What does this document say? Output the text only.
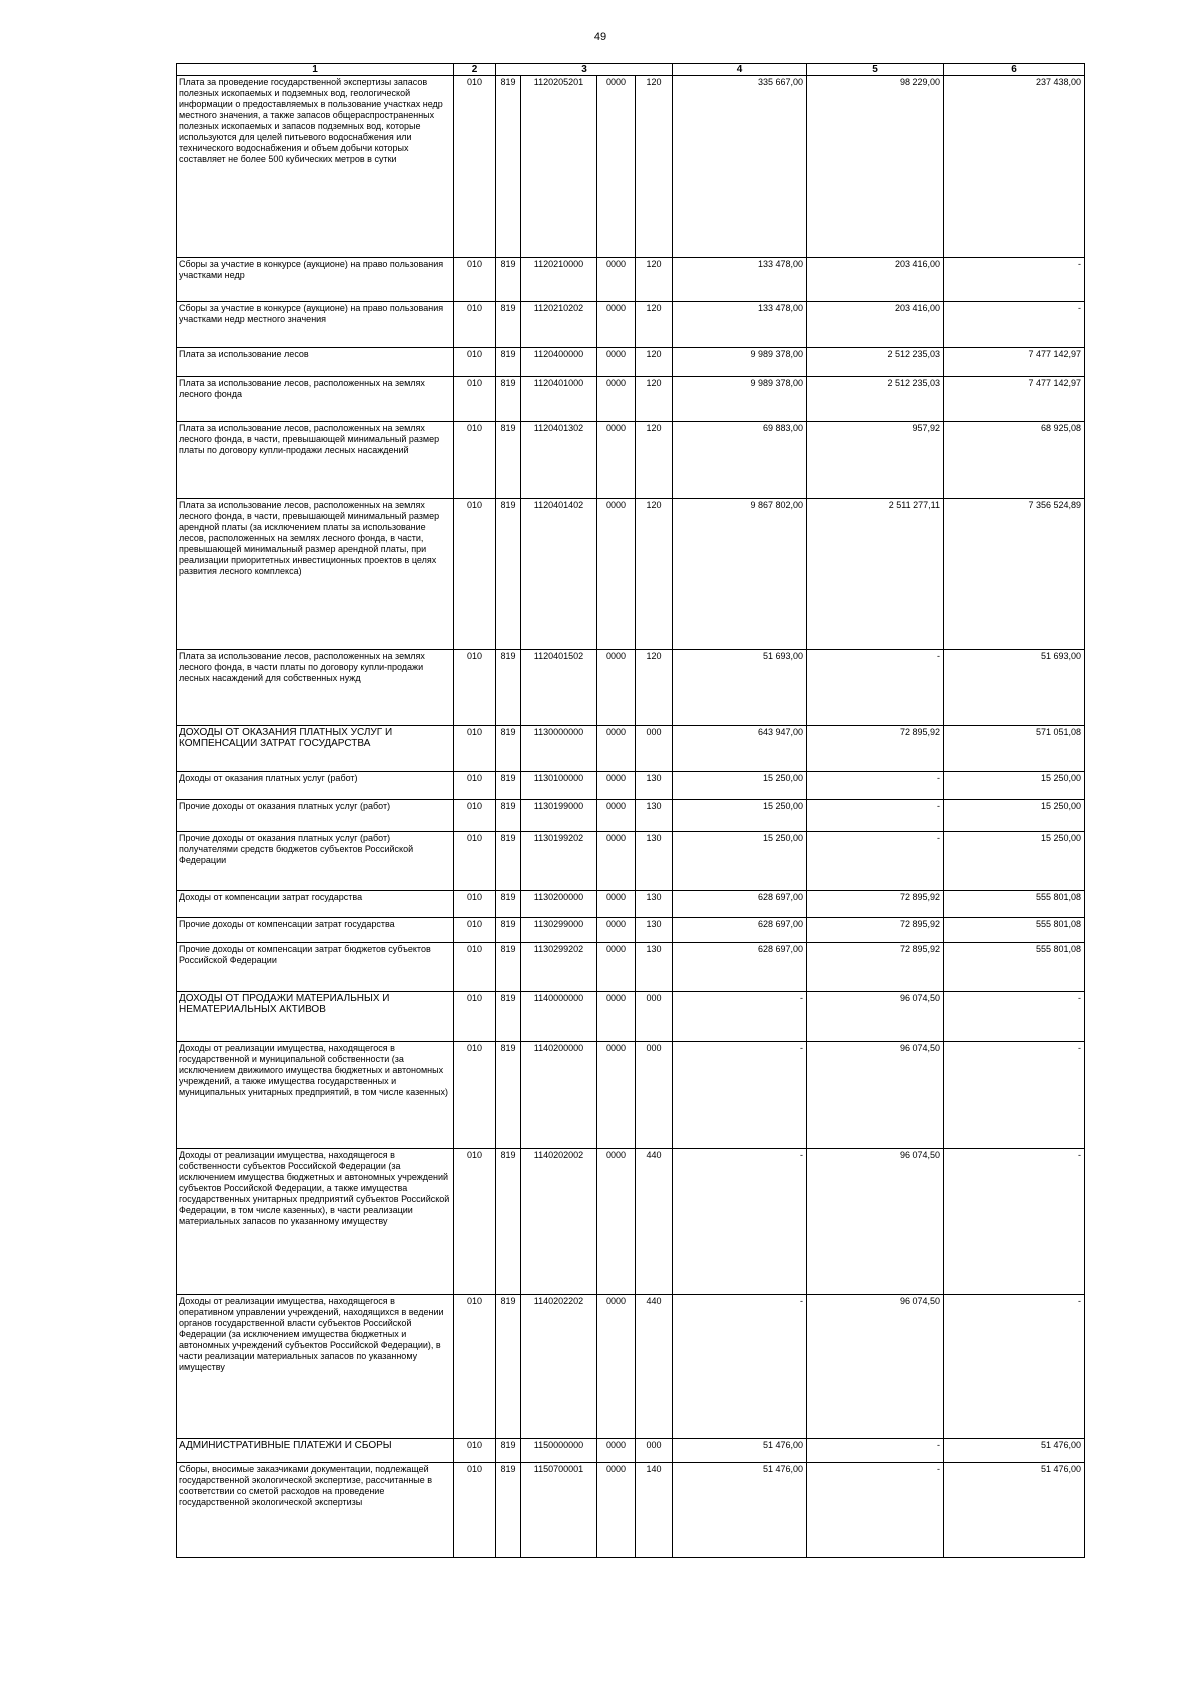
49
1	2	3				4	5	6
Плата за проведение государственной экспертизы запасов полезных ископаемых и подземных вод, геологической информации о предоставляемых в пользование участках недр местного значения, а также запасов общераспространенных полезных ископаемых и запасов подземных вод, которые используются для целей питьевого водоснабжения или технического водоснабжения и объем добычи которых составляет не более 500 кубических метров в сутки	010	819	1120205201	0000	120	335 667,00	98 229,00	237 438,00
Сборы за участие в конкурсе (аукционе) на право пользования участками недр	010	819	1120210000	0000	120	133 478,00	203 416,00	-
Сборы за участие в конкурсе (аукционе) на право пользования участками недр местного значения	010	819	1120210202	0000	120	133 478,00	203 416,00	-
Плата за использование лесов	010	819	1120400000	0000	120	9 989 378,00	2 512 235,03	7 477 142,97
Плата за использование лесов, расположенных на землях лесного фонда	010	819	1120401000	0000	120	9 989 378,00	2 512 235,03	7 477 142,97
Плата за использование лесов, расположенных на землях лесного фонда, в части, превышающей минимальный размер платы по договору купли-продажи лесных насаждений	010	819	1120401302	0000	120	69 883,00	957,92	68 925,08
Плата за использование лесов, расположенных на землях лесного фонда, в части, превышающей минимальный размер арендной платы (за исключением платы за использование лесов, расположенных на землях лесного фонда, в части, превышающей минимальный размер арендной платы, при реализации приоритетных инвестиционных проектов в целях развития лесного комплекса)	010	819	1120401402	0000	120	9 867 802,00	2 511 277,11	7 356 524,89
Плата за использование лесов, расположенных на землях лесного фонда, в части платы по договору купли-продажи лесных насаждений для собственных нужд	010	819	1120401502	0000	120	51 693,00	-	51 693,00
ДОХОДЫ ОТ ОКАЗАНИЯ ПЛАТНЫХ УСЛУГ И КОМПЕНСАЦИИ ЗАТРАТ ГОСУДАРСТВА	010	819	1130000000	0000	000	643 947,00	72 895,92	571 051,08
Доходы от оказания платных услуг (работ)	010	819	1130100000	0000	130	15 250,00	-	15 250,00
Прочие доходы от оказания платных услуг (работ)	010	819	1130199000	0000	130	15 250,00	-	15 250,00
Прочие доходы от оказания платных услуг (работ) получателями средств бюджетов субъектов Российской Федерации	010	819	1130199202	0000	130	15 250,00	-	15 250,00
Доходы от компенсации затрат государства	010	819	1130200000	0000	130	628 697,00	72 895,92	555 801,08
Прочие доходы от компенсации затрат государства	010	819	1130299000	0000	130	628 697,00	72 895,92	555 801,08
Прочие доходы от компенсации затрат бюджетов субъектов Российской Федерации	010	819	1130299202	0000	130	628 697,00	72 895,92	555 801,08
ДОХОДЫ ОТ ПРОДАЖИ МАТЕРИАЛЬНЫХ И НЕМАТЕРИАЛЬНЫХ АКТИВОВ	010	819	1140000000	0000	000	-	96 074,50	-
Доходы от реализации имущества, находящегося в государственной и муниципальной собственности (за исключением движимого имущества бюджетных и автономных учреждений, а также имущества государственных и муниципальных унитарных предприятий, в том числе казенных)	010	819	1140200000	0000	000	-	96 074,50	-
Доходы от реализации имущества, находящегося в собственности субъектов Российской Федерации (за исключением имущества бюджетных и автономных учреждений субъектов Российской Федерации, а также имущества государственных унитарных предприятий субъектов Российской Федерации, в том числе казенных), в части реализации материальных запасов по указанному имуществу	010	819	1140202002	0000	440	-	96 074,50	-
Доходы от реализации имущества, находящегося в оперативном управлении учреждений, находящихся в ведении органов государственной власти субъектов Российской Федерации (за исключением имущества бюджетных и автономных учреждений субъектов Российской Федерации), в части реализации материальных запасов по указанному имуществу	010	819	1140202202	0000	440	-	96 074,50	-
АДМИНИСТРАТИВНЫЕ ПЛАТЕЖИ И СБОРЫ	010	819	1150000000	0000	000	51 476,00	-	51 476,00
Сборы, вносимые заказчиками документации, подлежащей государственной экологической экспертизе, рассчитанные в соответствии со сметой расходов на проведение государственной экологической экспертизы	010	819	1150700001	0000	140	51 476,00	-	51 476,00
